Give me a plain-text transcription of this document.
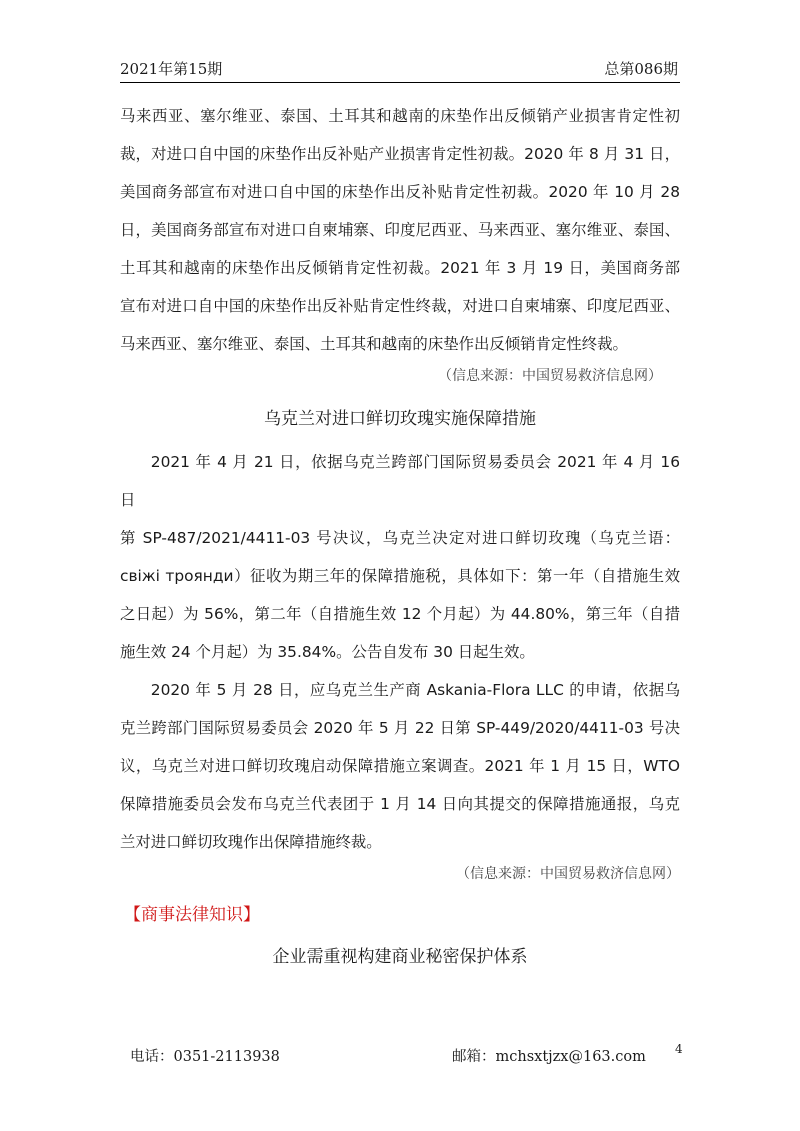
2021年第15期	总第086期

马来西亚、塞尔维亚、泰国、土耳其和越南的床垫作出反倾销产业损害肯定性初

裁，对进口自中国的床垫作出反补贴产业损害肯定性初裁。2020 年 8 月 31 日，

美国商务部宣布对进口自中国的床垫作出反补贴肯定性初裁。2020 年 10 月 28

日，美国商务部宣布对进口自柬埔寨、印度尼西亚、马来西亚、塞尔维亚、泰国、

土耳其和越南的床垫作出反倾销肯定性初裁。2021 年 3 月 19 日，美国商务部

宣布对进口自中国的床垫作出反补贴肯定性终裁，对进口自柬埔寨、印度尼西亚、

马来西亚、塞尔维亚、泰国、土耳其和越南的床垫作出反倾销肯定性终裁。

（信息来源：中国贸易救济信息网）
乌克兰对进口鲜切玫瑰实施保障措施

2021 年 4 月 21 日，依据乌克兰跨部门国际贸易委员会 2021 年 4 月 16 日

第 SP-487/2021/4411-03 号决议，乌克兰决定对进口鲜切玫瑰（乌克兰语：

свіжі троянди）征收为期三年的保障措施税，具体如下：第一年（自措施生效

之日起）为 56%，第二年（自措施生效 12 个月起）为 44.80%，第三年（自措

施生效 24 个月起）为 35.84%。公告自发布 30 日起生效。

2020 年 5 月 28 日，应乌克兰生产商 Askania-Flora LLC 的申请，依据乌

克兰跨部门国际贸易委员会 2020 年 5 月 22 日第 SP-449/2020/4411-03 号决

议，乌克兰对进口鲜切玫瑰启动保障措施立案调查。2021 年 1 月 15 日，WTO

保障措施委员会发布乌克兰代表团于 1 月 14 日向其提交的保障措施通报，乌克

兰对进口鲜切玫瑰作出保障措施终裁。

（信息来源：中国贸易救济信息网）
【商事法律知识】
企业需重视构建商业秘密保护体系
电话：0351-2113938	邮箱：mchsxtjzx@163.com 4
